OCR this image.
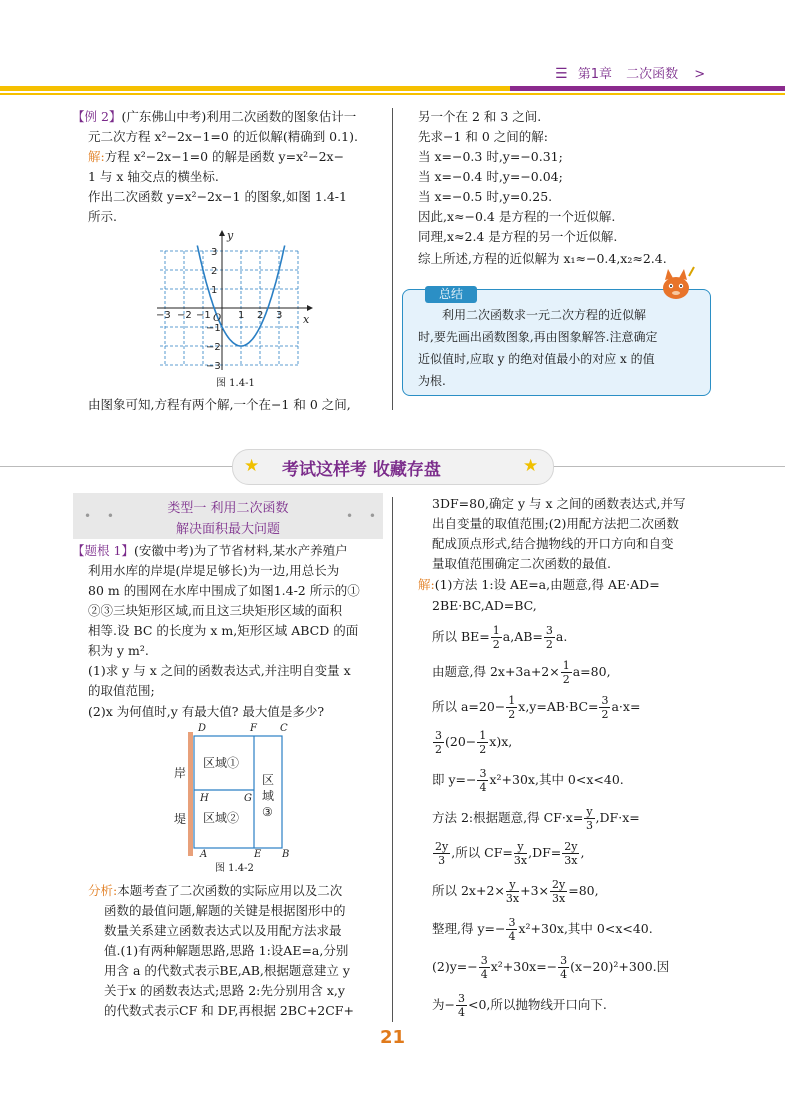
☰ 第1章 二次函数 >
【例 2】(广东佛山中考)利用二次函数的图象估计一
元二次方程 x²−2x−1=0 的近似解(精确到 0.1).
解:方程 x²−2x−1=0 的解是函数 y=x²−2x−
1 与 x 轴交点的横坐标.
作出二次函数 y=x²−2x−1 的图象,如图 1.4-1
所示.
y
x
O
−3 −2 −1	1 2 3
3
2
1
−1
−2
−3
图 1.4-1
由图象可知,方程有两个解,一个在−1 和 0 之间,
另一个在 2 和 3 之间.
先求−1 和 0 之间的解:
当 x=−0.3 时,y=−0.31;
当 x=−0.4 时,y=−0.04;
当 x=−0.5 时,y=0.25.
因此,x≈−0.4 是方程的一个近似解.
同理,x≈2.4 是方程的另一个近似解.
综上所述,方程的近似解为 x₁≈−0.4,x₂≈2.4.
总结
利用二次函数求一元二次方程的近似解
时,要先画出函数图象,再由图象解答.注意确定
近似值时,应取 y 的绝对值最小的对应 x 的值
为根.
★	★
考试这样考 收藏存盘
• •	• •
类型一 利用二次函数
解决面积最大问题
【题根 1】(安徽中考)为了节省材料,某水产养殖户
利用水库的岸堤(岸堤足够长)为一边,用总长为
80 m 的围网在水库中围成了如图1.4-2 所示的①
②③三块矩形区域,而且这三块矩形区域的面积
相等.设 BC 的长度为 x m,矩形区域 ABCD 的面
积为 y m².
(1)求 y 与 x 之间的函数表达式,并注明自变量 x
的取值范围;
(2)x 为何值时,y 有最大值? 最大值是多少?
D	F C
H	G
A	E B
岸
堤
区域①
区域②
区
域
③
图 1.4-2
分析:本题考查了二次函数的实际应用以及二次
函数的最值问题,解题的关键是根据图形中的
数量关系建立函数表达式以及用配方法求最
值.(1)有两种解题思路,思路 1:设AE=a,分别
用含 a 的代数式表示BE,AB,根据题意建立 y
关于x 的函数表达式;思路 2:先分别用含 x,y
的代数式表示CF 和 DF,再根据 2BC+2CF+
3DF=80,确定 y 与 x 之间的函数表达式,并写
出自变量的取值范围;(2)用配方法把二次函数
配成顶点形式,结合抛物线的开口方向和自变
量取值范围确定二次函数的最值.
解:(1)方法 1:设 AE=a,由题意,得 AE·AD=
2BE·BC,AD=BC,
所以 $BE= \frac{1}{2} a,AB= \frac{3}{2} a$.
由题意,得 $2x+3a+2\times \frac{1}{2} a=80$,
所以 $a=20- \frac{1}{2} x,y=AB\cdot BC= \frac{3}{2} a\cdot x=$
$\frac{3}{2} (20- \frac{1}{2} x)x$,
即 $y=- \frac{3}{4} x^2+30x$,其中 0<x<40.
方法 2:根据题意,得 $CF\cdot x= \frac{y}{3} ,DF\cdot x=$
$\frac{2y}{3}$ ,所以 $CF= \frac{y}{3x} ,DF= \frac{2y}{3x}$ ,
所以 $2x+2\times \frac{y}{3x} +3\times \frac{2y}{3x} =80$,
整理,得 $y=- \frac{3}{4} x^2+30x$,其中 0<x<40.
$(2)y=- \frac{3}{4} x^2+30x=- \frac{3}{4} (x-20)^2+300$.因
为− $\frac{3}{4} <0$,所以抛物线开口向下.
21
